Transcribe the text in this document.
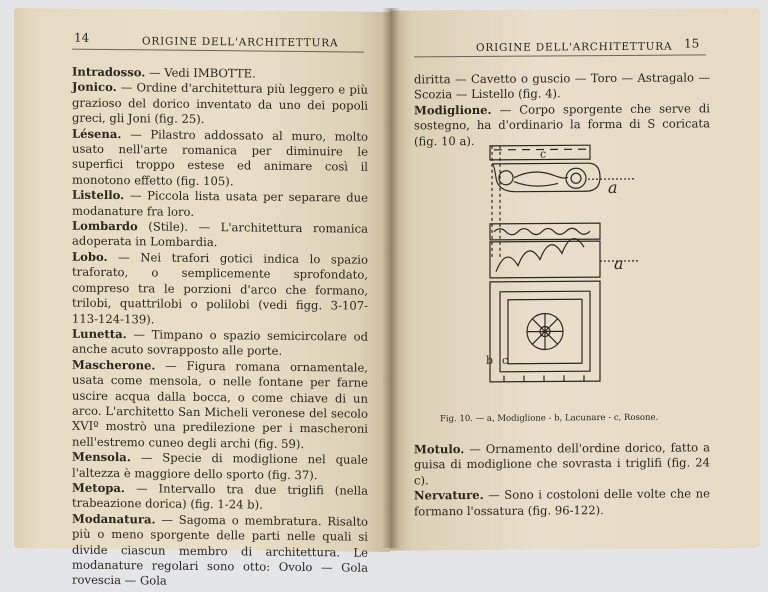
14	ORIGINE DELL'ARCHITETTURA

Intradosso. — Vedi IMBOTTE.

Jonico. — Ordine d'architettura più leggero e più grazioso del dorico inventato da uno dei popoli greci, gli Joni (fig. 25).

Lésena. — Pilastro addossato al muro, molto usato nell'arte romanica per diminuire le superfici troppo estese ed animare così il monotono effetto (fig. 105).

Listello. — Piccola lista usata per separare due modanature fra loro.

Lombardo (Stile). — L'architettura romanica adoperata in Lombardia.

Lobo. — Nei trafori gotici indica lo spazio traforato, o semplicemente sprofondato, compreso tra le porzioni d'arco che formano, trilobi, quattrilobi o polilobi (vedi figg. 3-107- 113-124-139).

Lunetta. — Timpano o spazio semicircolare od anche acuto sovrapposto alle porte.

Mascherone. — Figura romana ornamentale, usata come mensola, o nelle fontane per farne uscire acqua dalla bocca, o come chiave di un arco. L'architetto San Micheli veronese del secolo XVIº mostrò una predilezione per i mascheroni nell'estremo cuneo degli archi (fig. 59).

Mensola. — Specie di modiglione nel quale l'altezza è maggiore dello sporto (fig. 37).

Metopa. — Intervallo tra due triglifi (nella trabeazione dorica) (fig. 1-24 b).

Modanatura. — Sagoma o membratura. Risalto più o meno sporgente delle parti nelle quali si divide ciascun membro di architettura. Le modanature regolari sono otto: Ovolo — Gola rovescia — Gola

ORIGINE DELL'ARCHITETTURA 15

diritta — Cavetto o guscio — Toro — Astragalo — Scozia — Listello (fig. 4).

Modiglione. — Corpo sporgente che serve di sostegno, ha d'ordinario la forma di S coricata (fig. 10 a).

a
a
c
b c
Fig. 10. — a, Modiglione - b, Lacunare - c, Rosone.

Motulo. — Ornamento dell'ordine dorico, fatto a guisa di modiglione che sovrasta i triglifi (fig. 24 c).

Nervature. — Sono i costoloni delle volte che ne formano l'ossatura (fig. 96-122).
